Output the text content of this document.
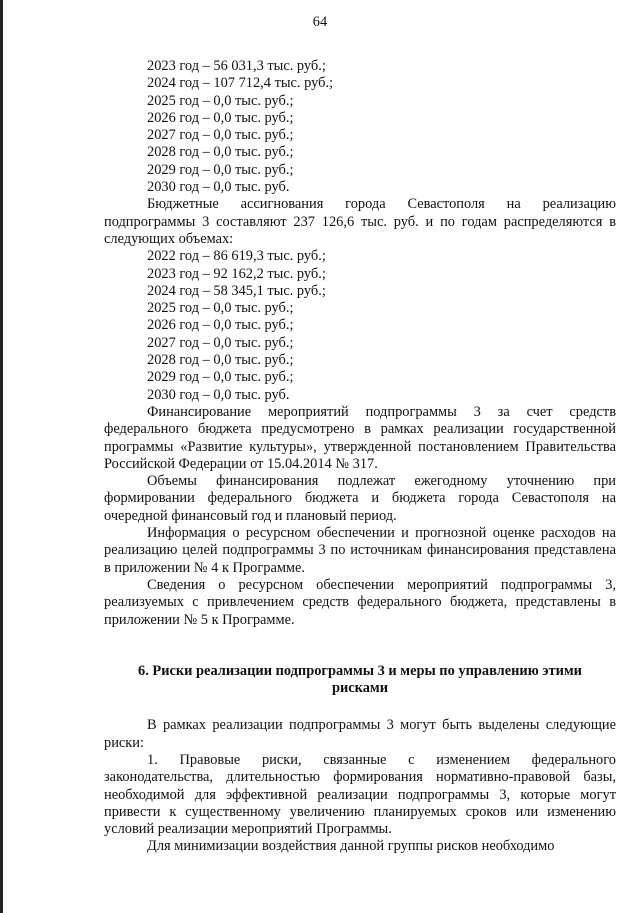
64
2023 год – 56 031,3 тыс. руб.;
2024 год – 107 712,4 тыс. руб.;
2025 год – 0,0 тыс. руб.;
2026 год – 0,0 тыс. руб.;
2027 год – 0,0 тыс. руб.;
2028 год – 0,0 тыс. руб.;
2029 год – 0,0 тыс. руб.;
2030 год – 0,0 тыс. руб.
Бюджетные ассигнования города Севастополя на реализацию подпрограммы 3 составляют 237 126,6 тыс. руб. и по годам распределяются в следующих объемах:
2022 год – 86 619,3 тыс. руб.;
2023 год – 92 162,2 тыс. руб.;
2024 год – 58 345,1 тыс. руб.;
2025 год – 0,0 тыс. руб.;
2026 год – 0,0 тыс. руб.;
2027 год – 0,0 тыс. руб.;
2028 год – 0,0 тыс. руб.;
2029 год – 0,0 тыс. руб.;
2030 год – 0,0 тыс. руб.
Финансирование мероприятий подпрограммы 3 за счет средств федерального бюджета предусмотрено в рамках реализации государственной программы «Развитие культуры», утвержденной постановлением Правительства Российской Федерации от 15.04.2014 № 317.
Объемы финансирования подлежат ежегодному уточнению при формировании федерального бюджета и бюджета города Севастополя на очередной финансовый год и плановый период.
Информация о ресурсном обеспечении и прогнозной оценке расходов на реализацию целей подпрограммы 3 по источникам финансирования представлена в приложении № 4 к Программе.
Сведения о ресурсном обеспечении мероприятий подпрограммы 3, реализуемых с привлечением средств федерального бюджета, представлены в приложении № 5 к Программе.
6. Риски реализации подпрограммы 3 и меры по управлению этими
рисками
В рамках реализации подпрограммы 3 могут быть выделены следующие риски:
1. Правовые риски, связанные с изменением федерального законодательства, длительностью формирования нормативно-правовой базы, необходимой для эффективной реализации подпрограммы 3, которые могут привести к существенному увеличению планируемых сроков или изменению условий реализации мероприятий Программы.
Для минимизации воздействия данной группы рисков необходимо
